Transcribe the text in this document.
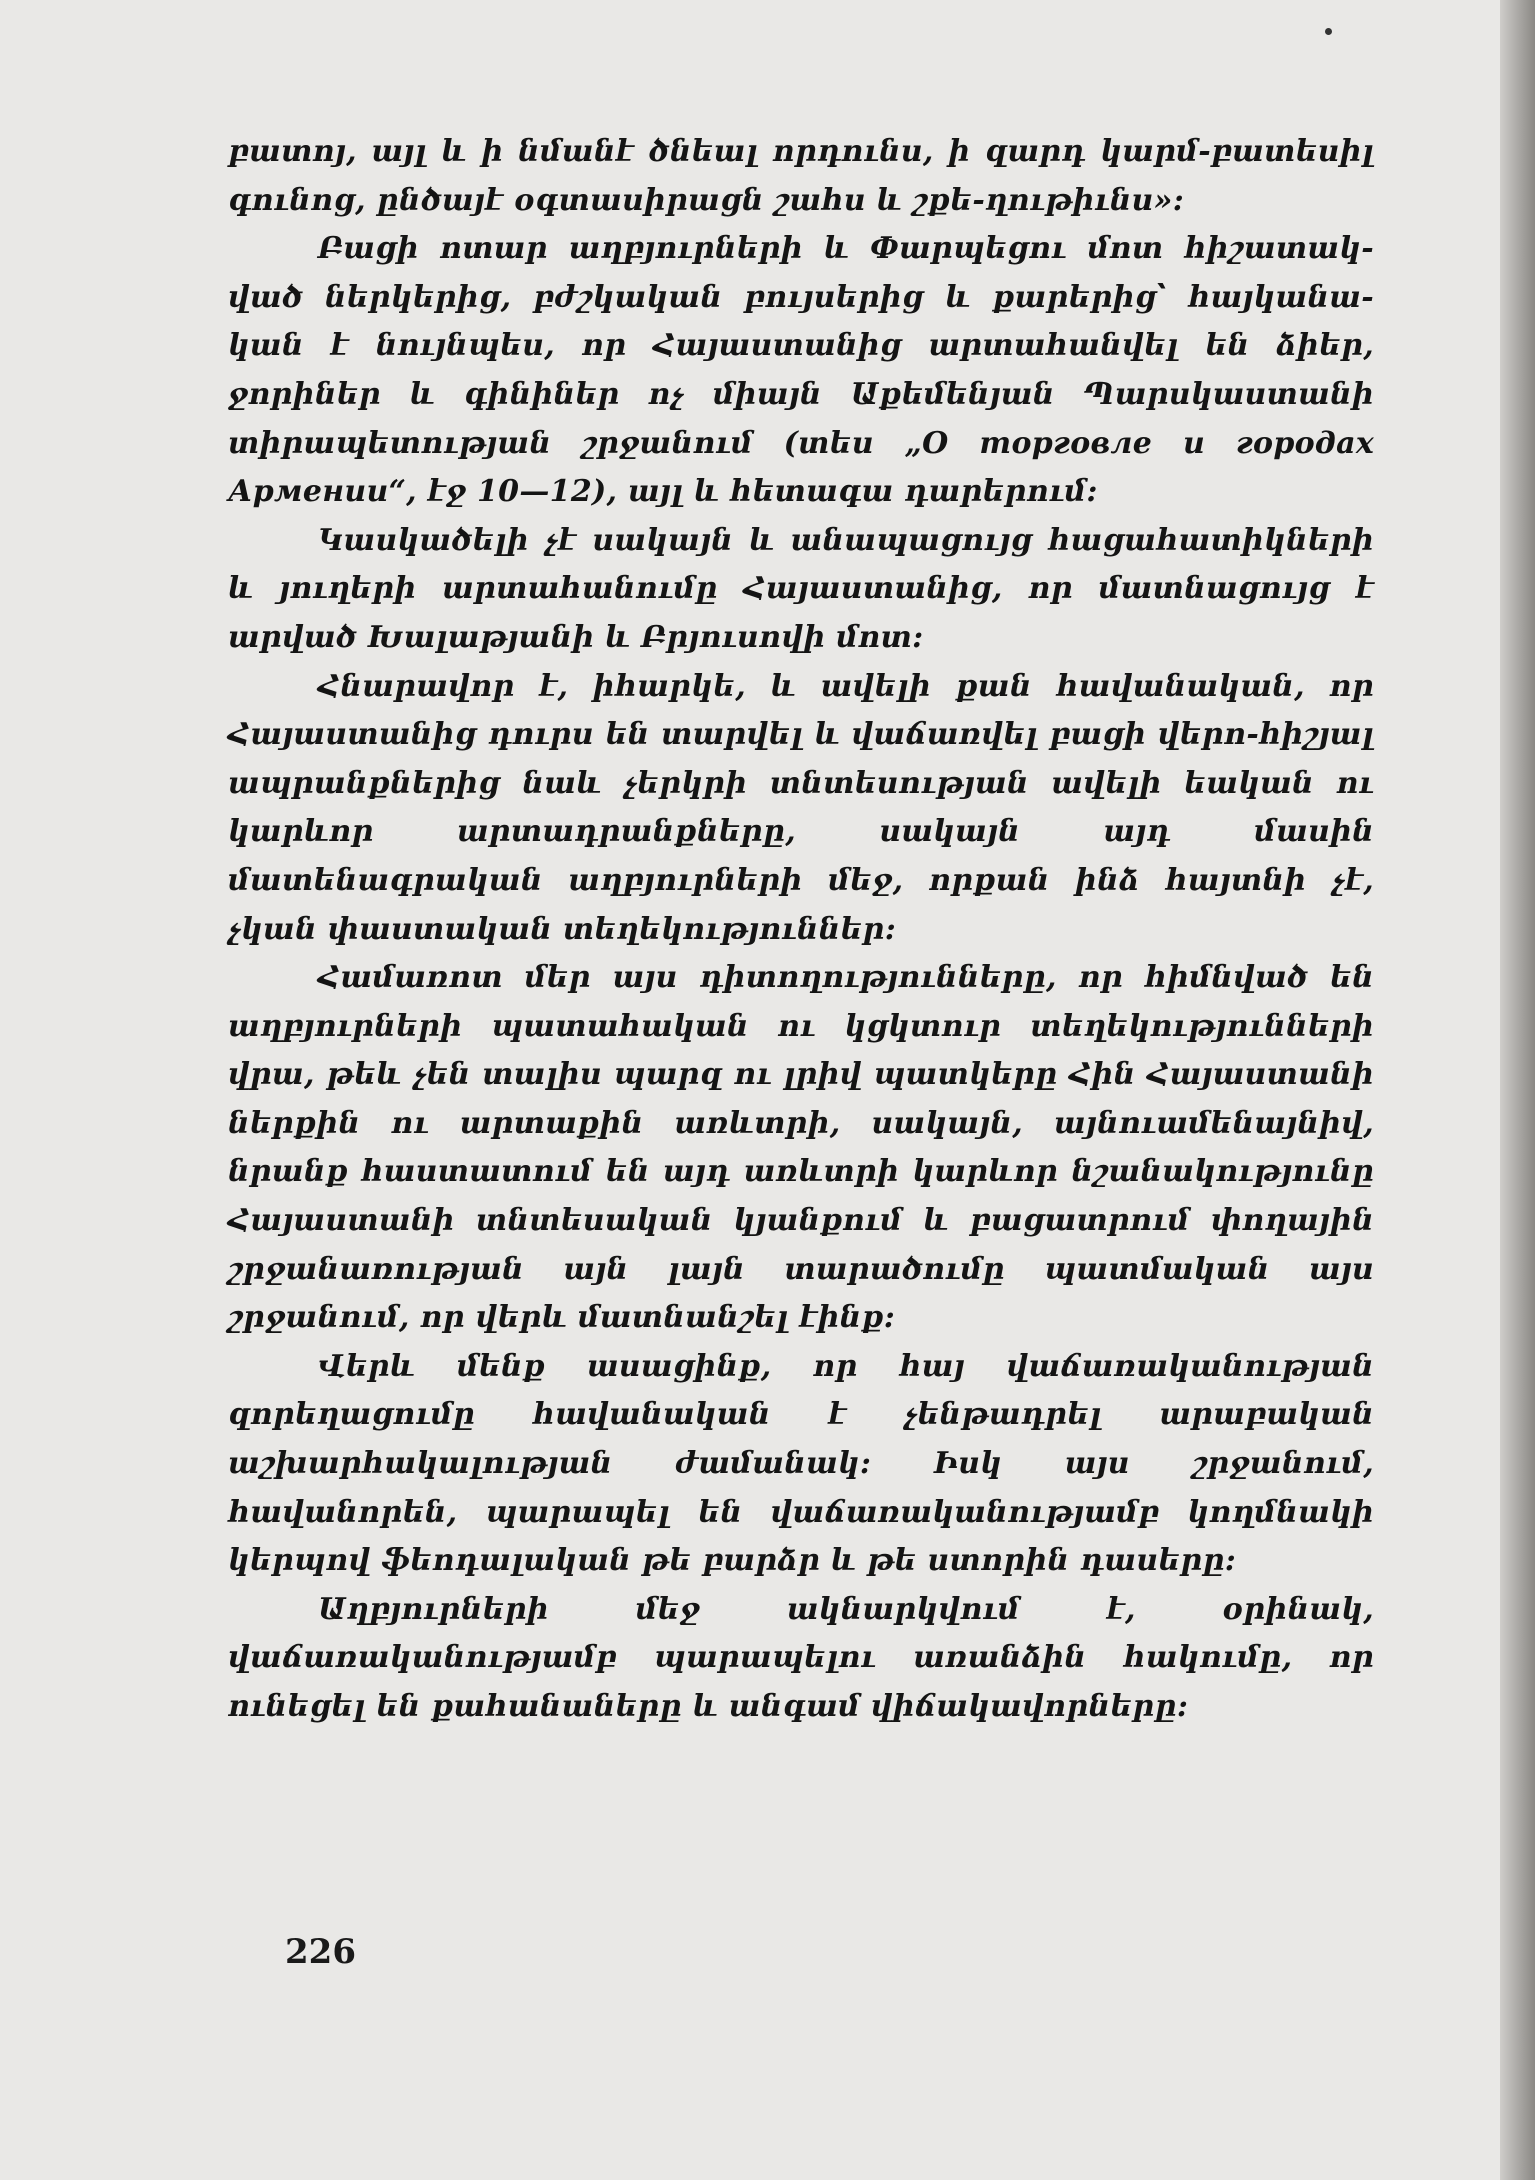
բատոյ, այլ և ի նմանէ ծնեալ որդունս, ի զարդ կարմ-բատեսիլ գունոց, ընծայէ օգտասիրացն շահս և շքե-ղութիւնս»:

Բացի ոտար աղբյուրների և Փարպեցու մոտ հիշատակ-ված ներկերից, բժշկական բույսերից և քարերից՝ հայկանա-կան է նույնպես, որ Հայաստանից արտահանվել են ձիեր, ջորիներ և գինիներ ոչ միայն Աքեմենյան Պարսկաստանի տիրապետության շրջանում (տես „О торговле и городах Армении“, էջ 10—12), այլ և հետագա դարերում:

Կասկածելի չէ սակայն և անապացույց հացահատիկների և յուղերի արտահանումը Հայաստանից, որ մատնացույց է արված Խալաթյանի և Բրյուսովի մոտ:

Հնարավոր է, իհարկե, և ավելի քան հավանական, որ Հայաստանից դուրս են տարվել և վաճառվել բացի վերո-հիշյալ ապրանքներից նաև չերկրի տնտեսության ավելի եական ու կարևոր արտադրանքները, սակայն այդ մասին մատենագրական աղբյուրների մեջ, որքան ինձ հայտնի չէ, չկան փաստական տեղեկություններ:

Համառոտ մեր այս դիտողությունները, որ հիմնված են աղբյուրների պատահական ու կցկտուր տեղեկությունների վրա, թեև չեն տալիս պարզ ու լրիվ պատկերը Հին Հայաստանի ներքին ու արտաքին առևտրի, սակայն, այնուամենայնիվ, նրանք հաստատում են այդ առևտրի կարևոր նշանակությունը Հայաստանի տնտեսական կյանքում և բացատրում փողային շրջանառության այն լայն տարածումը պատմական այս շրջանում, որ վերև մատնանշել էինք:

Վերև մենք ասացինք, որ հայ վաճառականության զորեղացումը հավանական է չենթադրել արաբական աշխարհակալության ժամանակ: Իսկ այս շրջանում, հավանորեն, պարապել են վաճառականությամբ կողմնակի կերպով ֆեոդալական թե բարձր և թե ստորին դասերը:

Աղբյուրների մեջ ակնարկվում է, օրինակ, վաճառականությամբ պարապելու առանձին հակումը, որ ունեցել են քահանաները և անգամ վիճակավորները:

226
